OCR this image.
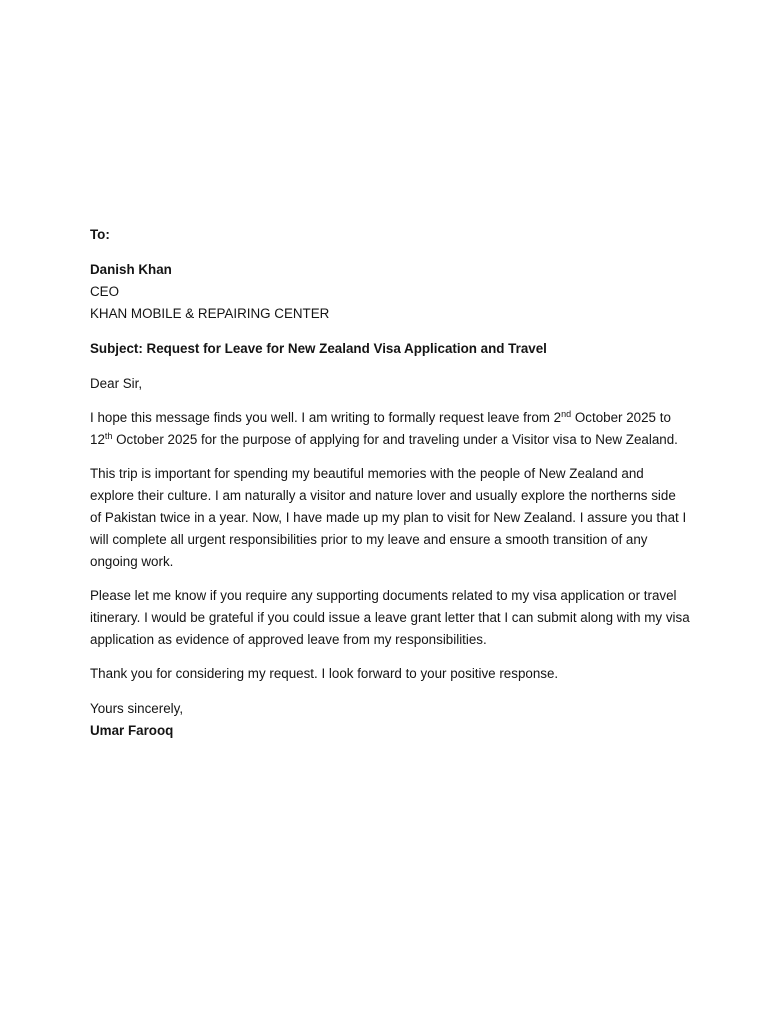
To:

Danish Khan

CEO

KHAN MOBILE & REPAIRING CENTER

Subject: Request for Leave for New Zealand Visa Application and Travel

Dear Sir,

I hope this message finds you well. I am writing to formally request leave from 2nd October 2025 to 12th October 2025 for the purpose of applying for and traveling under a Visitor visa to New Zealand.

This trip is important for spending my beautiful memories with the people of New Zealand and explore their culture. I am naturally a visitor and nature lover and usually explore the northerns side of Pakistan twice in a year. Now, I have made up my plan to visit for New Zealand. I assure you that I will complete all urgent responsibilities prior to my leave and ensure a smooth transition of any ongoing work.

Please let me know if you require any supporting documents related to my visa application or travel itinerary. I would be grateful if you could issue a leave grant letter that I can submit along with my visa application as evidence of approved leave from my responsibilities.

Thank you for considering my request. I look forward to your positive response.

Yours sincerely,

Umar Farooq
